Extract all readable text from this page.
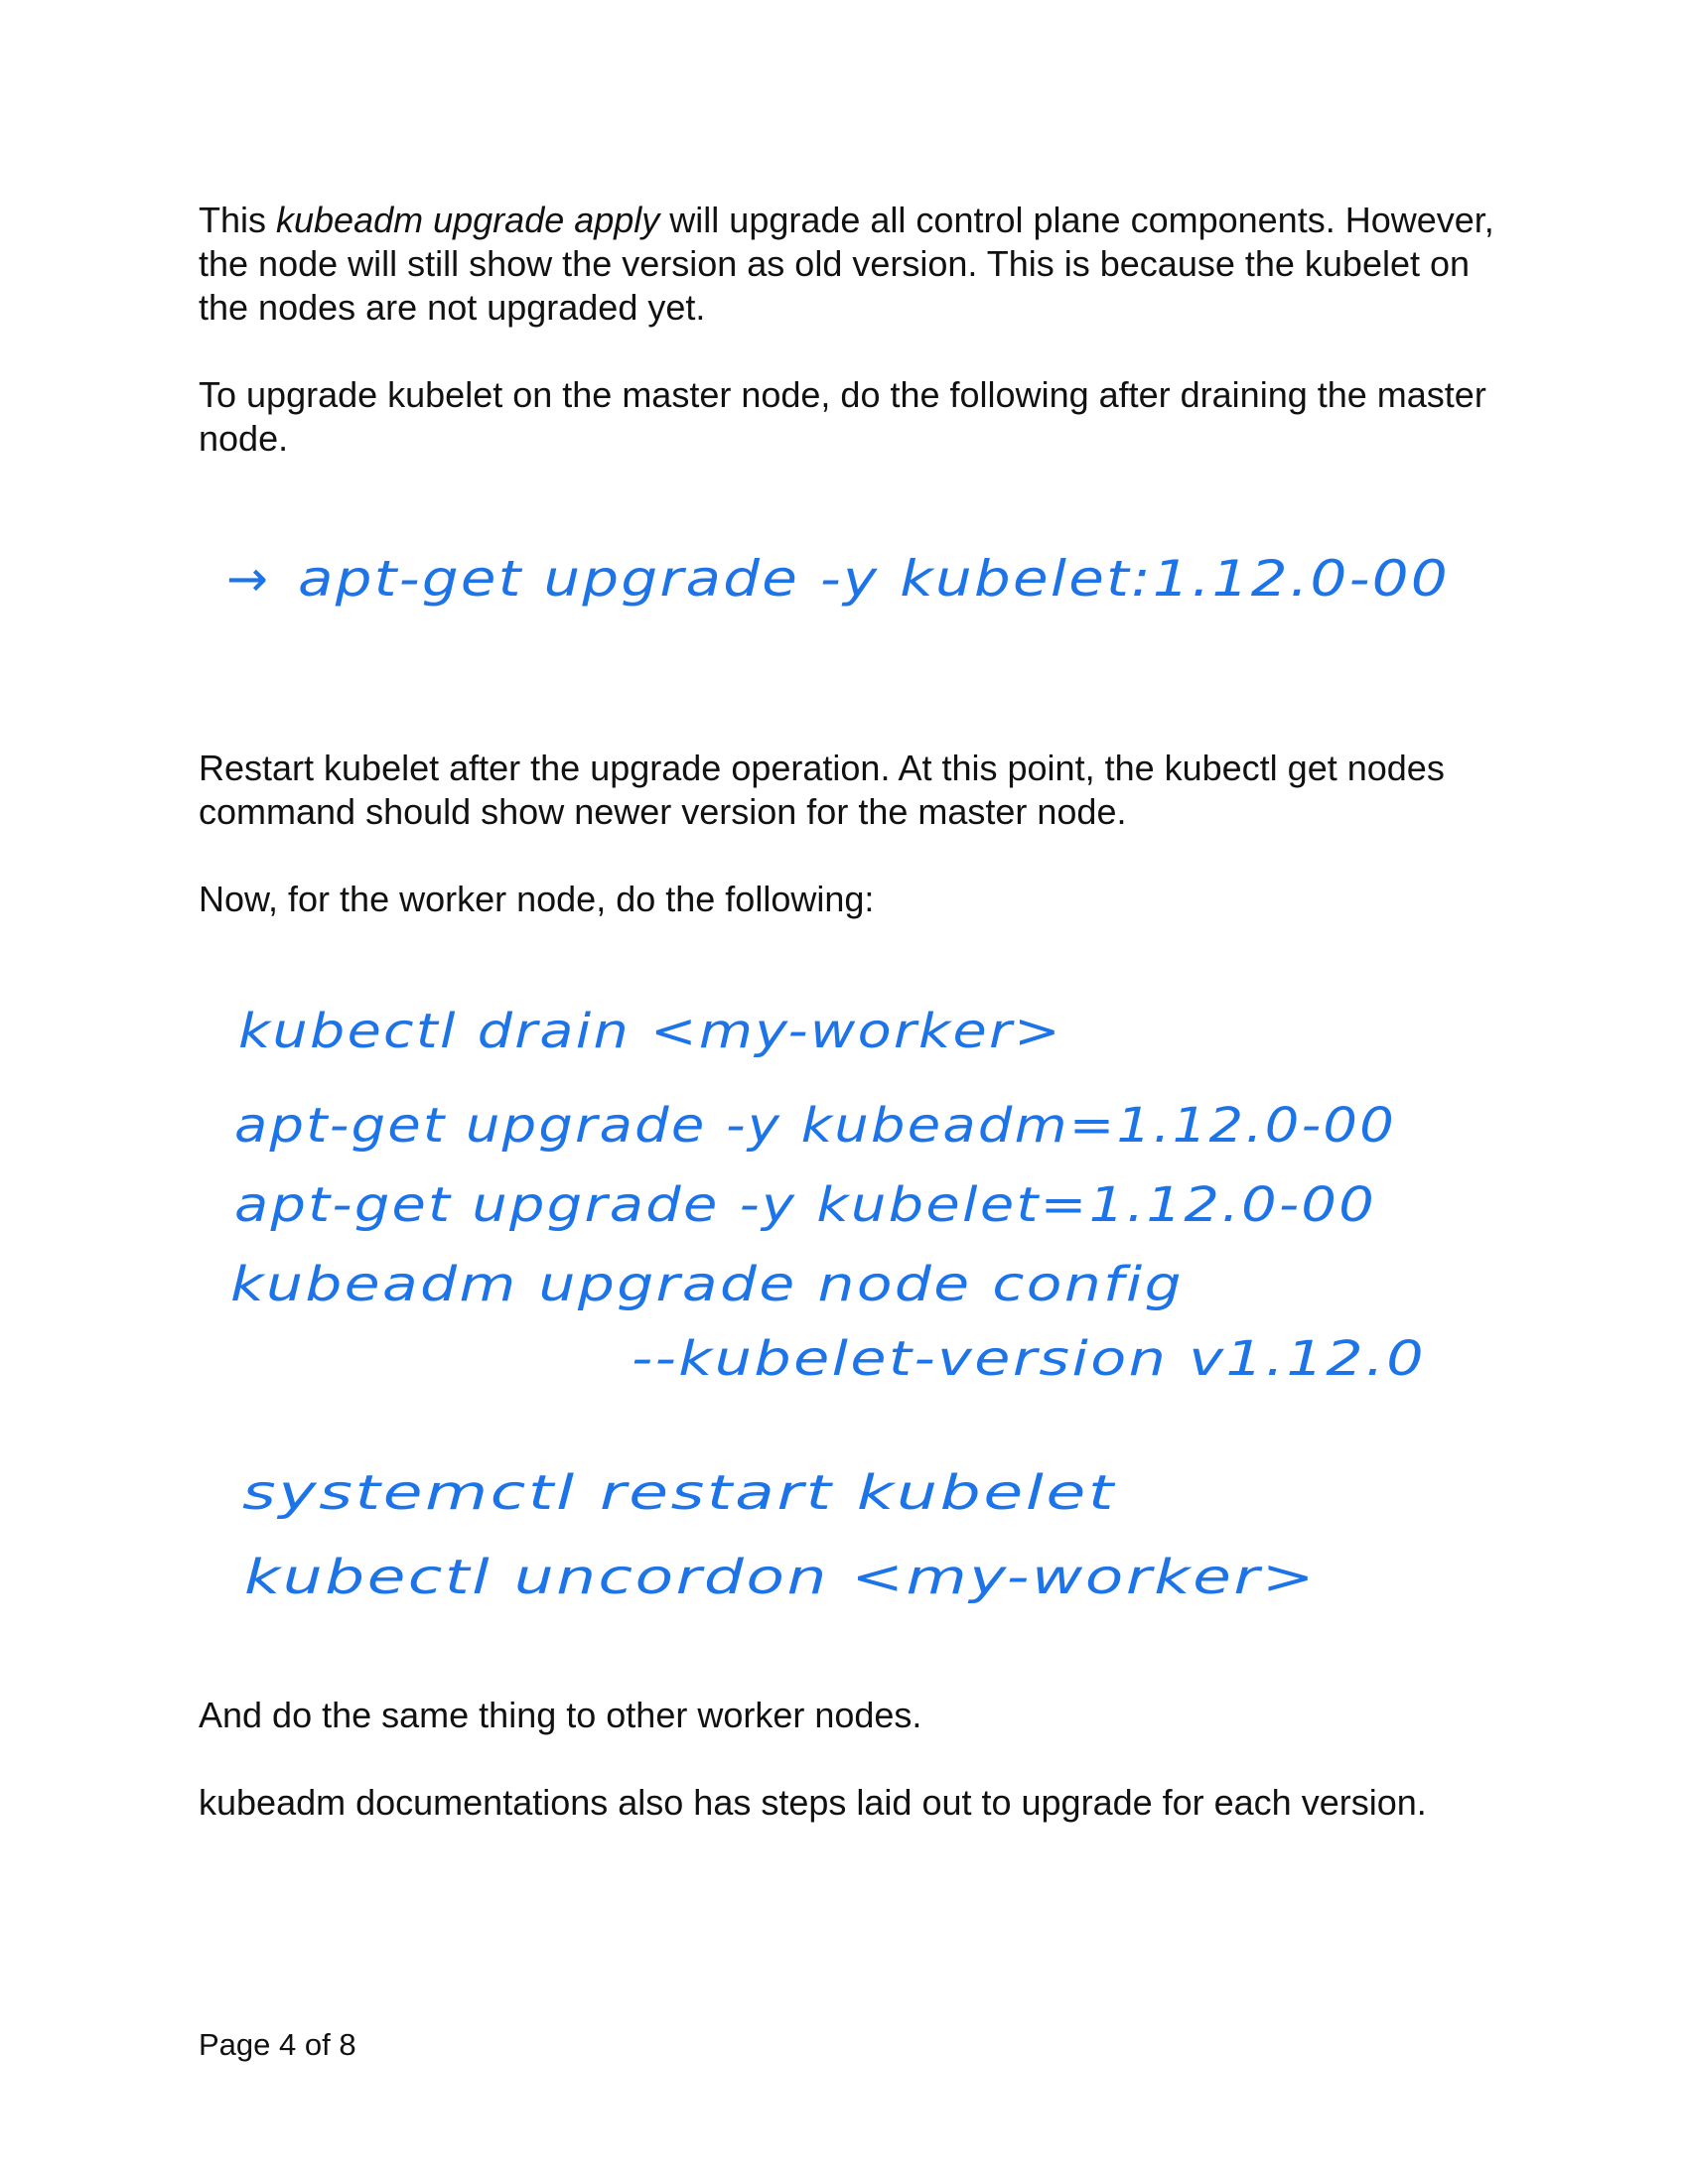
This kubeadm upgrade apply will upgrade all control plane components. However, the node will still show the version as old version. This is because the kubelet on the nodes are not upgraded yet.

To upgrade kubelet on the master node, do the following after draining the master node.

Restart kubelet after the upgrade operation. At this point, the kubectl get nodes command should show newer version for the master node.

Now, for the worker node, do the following:

→ apt-get upgrade -y kubelet:1.12.0-00
kubectl drain <my-worker>
apt-get upgrade -y kubeadm=1.12.0-00
apt-get upgrade -y kubelet=1.12.0-00
kubeadm upgrade node config
--kubelet-version v1.12.0
systemctl restart kubelet
kubectl uncordon <my-worker>

And do the same thing to other worker nodes.

kubeadm documentations also has steps laid out to upgrade for each version.

Page 4 of 8
